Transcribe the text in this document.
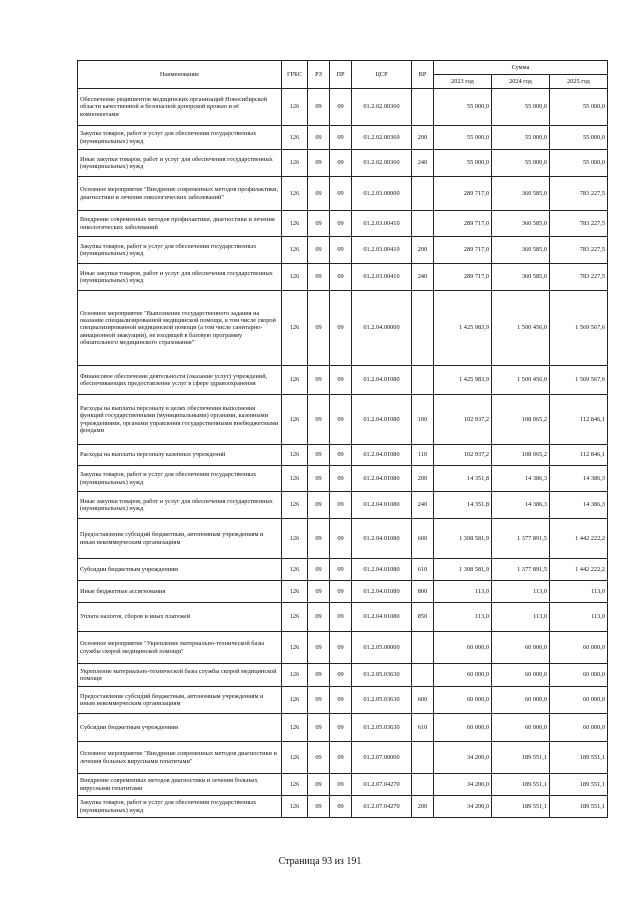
Наименование	ГРБС	РЗ	ПР	ЦСР	ВР	Сумма		
						2023 год	2024 год	2025 год
Обеспечение реципиентов медицинских организаций Новосибирской области качественной и безопасной донорской кровью и её компонентами	126	09	09	01.2.02.00360		55 000,0	55 000,0	55 000,0
Закупка товаров, работ и услуг для обеспечения государственных (муниципальных) нужд	126	09	09	01.2.02.00360	200	55 000,0	55 000,0	55 000,0
Иные закупки товаров, работ и услуг для обеспечения государственных (муниципальных) нужд	126	09	09	01.2.02.00360	240	55 000,0	55 000,0	55 000,0
Основное мероприятие "Внедрение современных методов профилактики, диагностики и лечения онкологических заболеваний"	126	09	09	01.2.03.00000		289 717,0	360 585,0	783 227,5
Внедрение современных методов профилактики, диагностики и лечения онкологических заболеваний	126	09	09	01.2.03.00410		289 717,0	360 585,0	783 227,5
Закупка товаров, работ и услуг для обеспечения государственных (муниципальных) нужд	126	09	09	01.2.03.00410	200	289 717,0	360 585,0	783 227,5
Иные закупки товаров, работ и услуг для обеспечения государственных (муниципальных) нужд	126	09	09	01.2.03.00410	240	289 717,0	360 585,0	783 227,5
Основное мероприятие "Выполнение государственного задания на оказание специализированной медицинской помощи, в том числе скорой специализированной медицинской помощи (а том числе санитарно-авиационной эвакуации), не входящей в базовую программу обязательного медицинского страхования"	126	09	09	01.2.04.00000		1 425 983,9	1 500 456,0	1 569 567,6
Финансовое обеспечение деятельности (оказание услуг) учреждений, обеспечивающих предоставление услуг в сфере здравоохранения	126	09	09	01.2.04.01080		1 425 983,9	1 500 456,0	1 569 567,6
Расходы на выплаты персоналу в целях обеспечения выполнения функций государственными (муниципальными) органами, казенными учреждениями, органами управления государственными внебюджетными фондами	126	09	09	01.2.04.01080	100	102 937,2	108 065,2	112 846,1
Расходы на выплаты персоналу казенных учреждений	126	09	09	01.2.04.01080	110	102 937,2	108 065,2	112 846,1
Закупка товаров, работ и услуг для обеспечения государственных (муниципальных) нужд	126	09	09	01.2.04.01080	200	14 351,8	14 386,3	14 386,3
Иные закупки товаров, работ и услуг для обеспечения государственных (муниципальных) нужд	126	09	09	01.2.04.01080	240	14 351,8	14 386,3	14 386,3
Предоставление субсидий бюджетным, автономным учреждениям и иным некоммерческим организациям	126	09	09	01.2.04.01080	600	1 308 581,9	1 377 891,5	1 442 222,2
Субсидии бюджетным учреждениям	126	09	09	01.2.04.01080	610	1 308 581,9	1 377 891,5	1 442 222,2
Иные бюджетные ассигнования	126	09	09	01.2.04.01080	800	113,0	113,0	113,0
Уплата налогов, сборов и иных платежей	126	09	09	01.2.04.01080	850	113,0	113,0	113,0
Основное мероприятие "Укрепление материально-технической базы службы скорой медицинской помощи"	126	09	09	01.2.05.00000		60 000,0	60 000,0	60 000,0
Укрепление материально-технической базы службы скорой медицинской помощи	126	09	09	01.2.05.03630		60 000,0	60 000,0	60 000,0
Предоставление субсидий бюджетным, автономным учреждениям и иным некоммерческим организациям	126	09	09	01.2.05.03630	600	60 000,0	60 000,0	60 000,0
Субсидии бюджетным учреждениям	126	09	09	01.2.05.03630	610	60 000,0	60 000,0	60 000,0
Основное мероприятие "Внедрение современных методов диагностики и лечения больных вирусными гепатитами"	126	09	09	01.2.07.00000		34 200,0	189 551,1	189 551,1
Внедрение современных методов диагностики и лечения больных вирусными гепатитами	126	09	09	01.2.07.04270		34 200,0	189 551,1	189 551,1
Закупка товаров, работ и услуг для обеспечения государственных (муниципальных) нужд	126	09	09	01.2.07.04270	200	34 200,0	189 551,1	189 551,1
Страница 93 из 191
